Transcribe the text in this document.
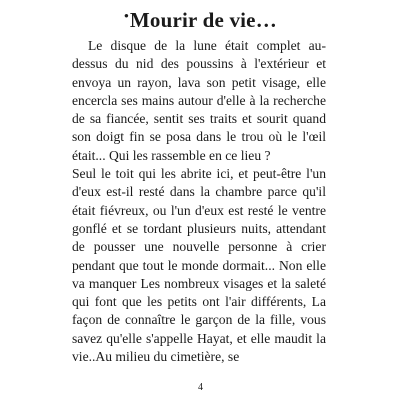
•Mourir de vie…

Le disque de la lune était complet au-dessus du nid des poussins à l'extérieur et envoya un rayon, lava son petit visage, elle encercla ses mains autour d'elle à la recherche de sa fiancée, sentit ses traits et sourit quand son doigt fin se posa dans le trou où le l'œil était... Qui les rassemble en ce lieu ?

Seul le toit qui les abrite ici, et peut-être l'un d'eux est-il resté dans la chambre parce qu'il était fiévreux, ou l'un d'eux est resté le ventre gonflé et se tordant plusieurs nuits, attendant de pousser une nouvelle personne à crier pendant que tout le monde dormait... Non elle va manquer Les nombreux visages et la saleté qui font que les petits ont l'air différents, La façon de connaître le garçon de la fille, vous savez qu'elle s'appelle Hayat, et elle maudit la vie..Au milieu du cimetière, se

4
